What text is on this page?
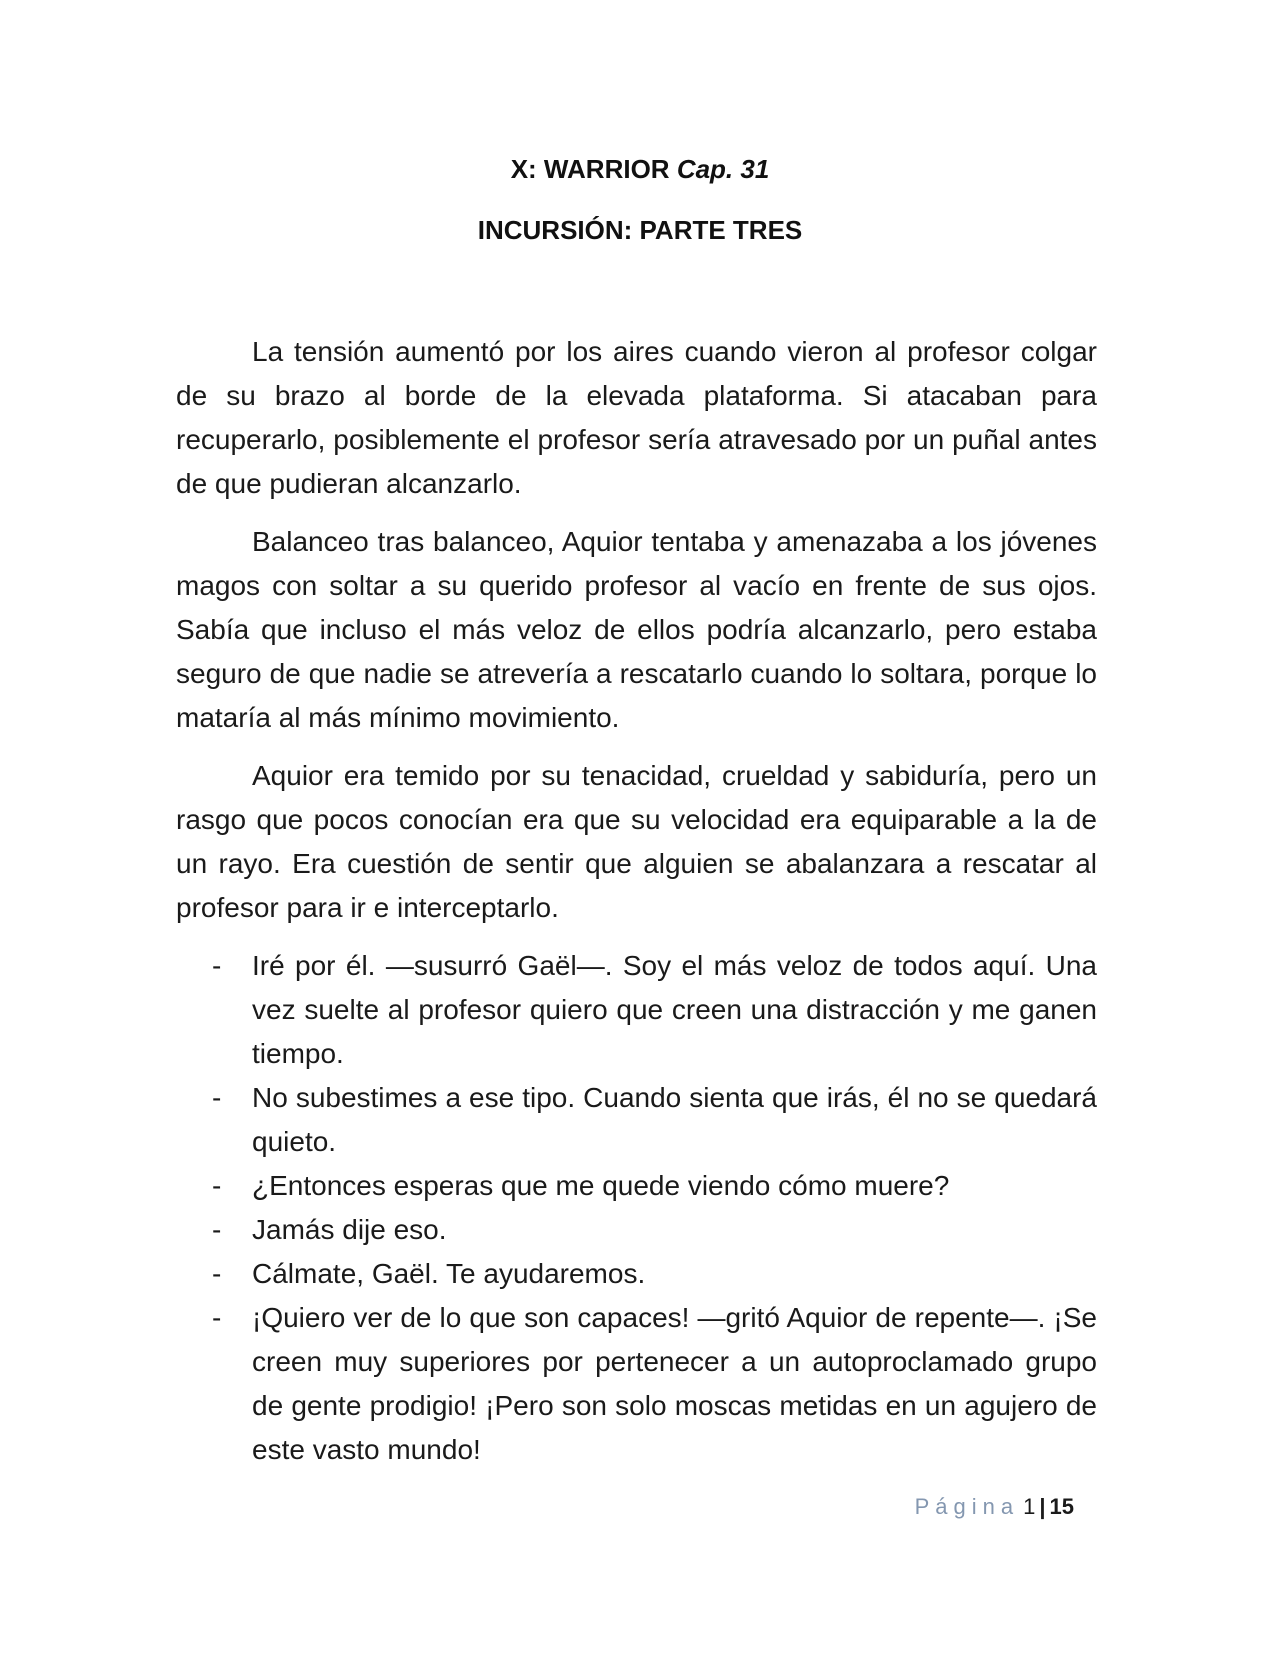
X: WARRIOR Cap. 31
INCURSIÓN: PARTE TRES

La tensión aumentó por los aires cuando vieron al profesor colgar de su brazo al borde de la elevada plataforma. Si atacaban para recuperarlo, posiblemente el profesor sería atravesado por un puñal antes de que pudieran alcanzarlo.

Balanceo tras balanceo, Aquior tentaba y amenazaba a los jóvenes magos con soltar a su querido profesor al vacío en frente de sus ojos. Sabía que incluso el más veloz de ellos podría alcanzarlo, pero estaba seguro de que nadie se atrevería a rescatarlo cuando lo soltara, porque lo mataría al más mínimo movimiento.

Aquior era temido por su tenacidad, crueldad y sabiduría, pero un rasgo que pocos conocían era que su velocidad era equiparable a la de un rayo. Era cuestión de sentir que alguien se abalanzara a rescatar al profesor para ir e interceptarlo.

- Iré por él. —susurró Gaël—. Soy el más veloz de todos aquí. Una vez suelte al profesor quiero que creen una distracción y me ganen tiempo.
- No subestimes a ese tipo. Cuando sienta que irás, él no se quedará quieto.
- ¿Entonces esperas que me quede viendo cómo muere?
- Jamás dije eso.
- Cálmate, Gaël. Te ayudaremos.
- ¡Quiero ver de lo que son capaces! —gritó Aquior de repente—. ¡Se creen muy superiores por pertenecer a un autoproclamado grupo de gente prodigio! ¡Pero son solo moscas metidas en un agujero de este vasto mundo!
Página 1 | 15
